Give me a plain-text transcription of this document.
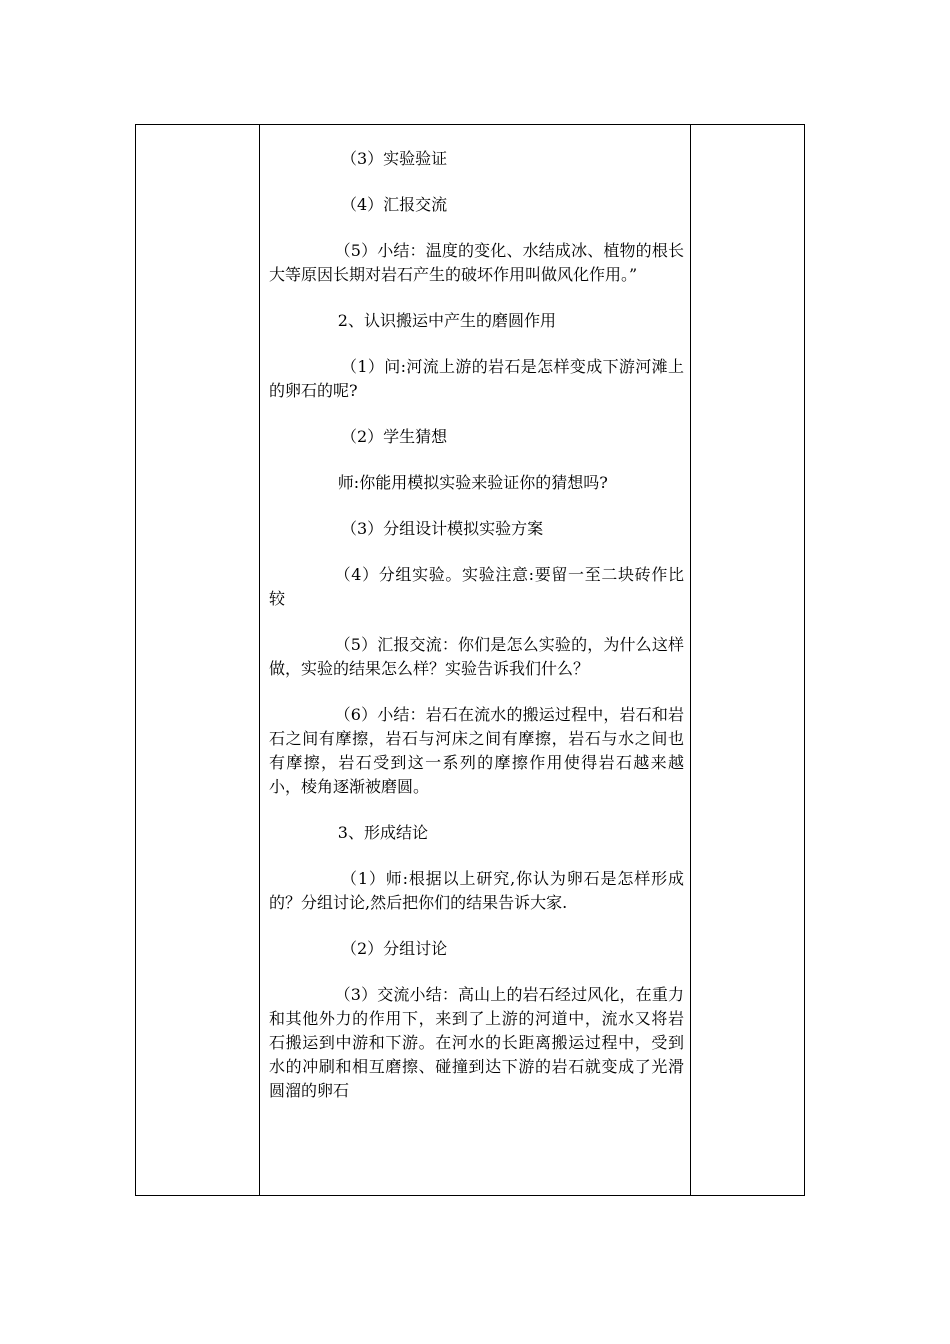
（3）实验验证

（4）汇报交流

（5）小结：温度的变化、水结成冰、植物的根长大等原因长期对岩石产生的破坏作用叫做风化作用。”

2、认识搬运中产生的磨圆作用

（1）问:河流上游的岩石是怎样变成下游河滩上的卵石的呢?

（2）学生猜想

师:你能用模拟实验来验证你的猜想吗?

（3）分组设计模拟实验方案

（4）分组实验。实验注意:要留一至二块砖作比较

（5）汇报交流：你们是怎么实验的，为什么这样做，实验的结果怎么样？实验告诉我们什么？

（6）小结：岩石在流水的搬运过程中，岩石和岩石之间有摩擦，岩石与河床之间有摩擦，岩石与水之间也有摩擦，岩石受到这一系列的摩擦作用使得岩石越来越小，棱角逐渐被磨圆。

3、形成结论

（1）师:根据以上研究,你认为卵石是怎样形成的？分组讨论,然后把你们的结果告诉大家.

（2）分组讨论

（3）交流小结：高山上的岩石经过风化，在重力和其他外力的作用下，来到了上游的河道中，流水又将岩石搬运到中游和下游。在河水的长距离搬运过程中，受到水的冲刷和相互磨擦、碰撞到达下游的岩石就变成了光滑圆溜的卵石
